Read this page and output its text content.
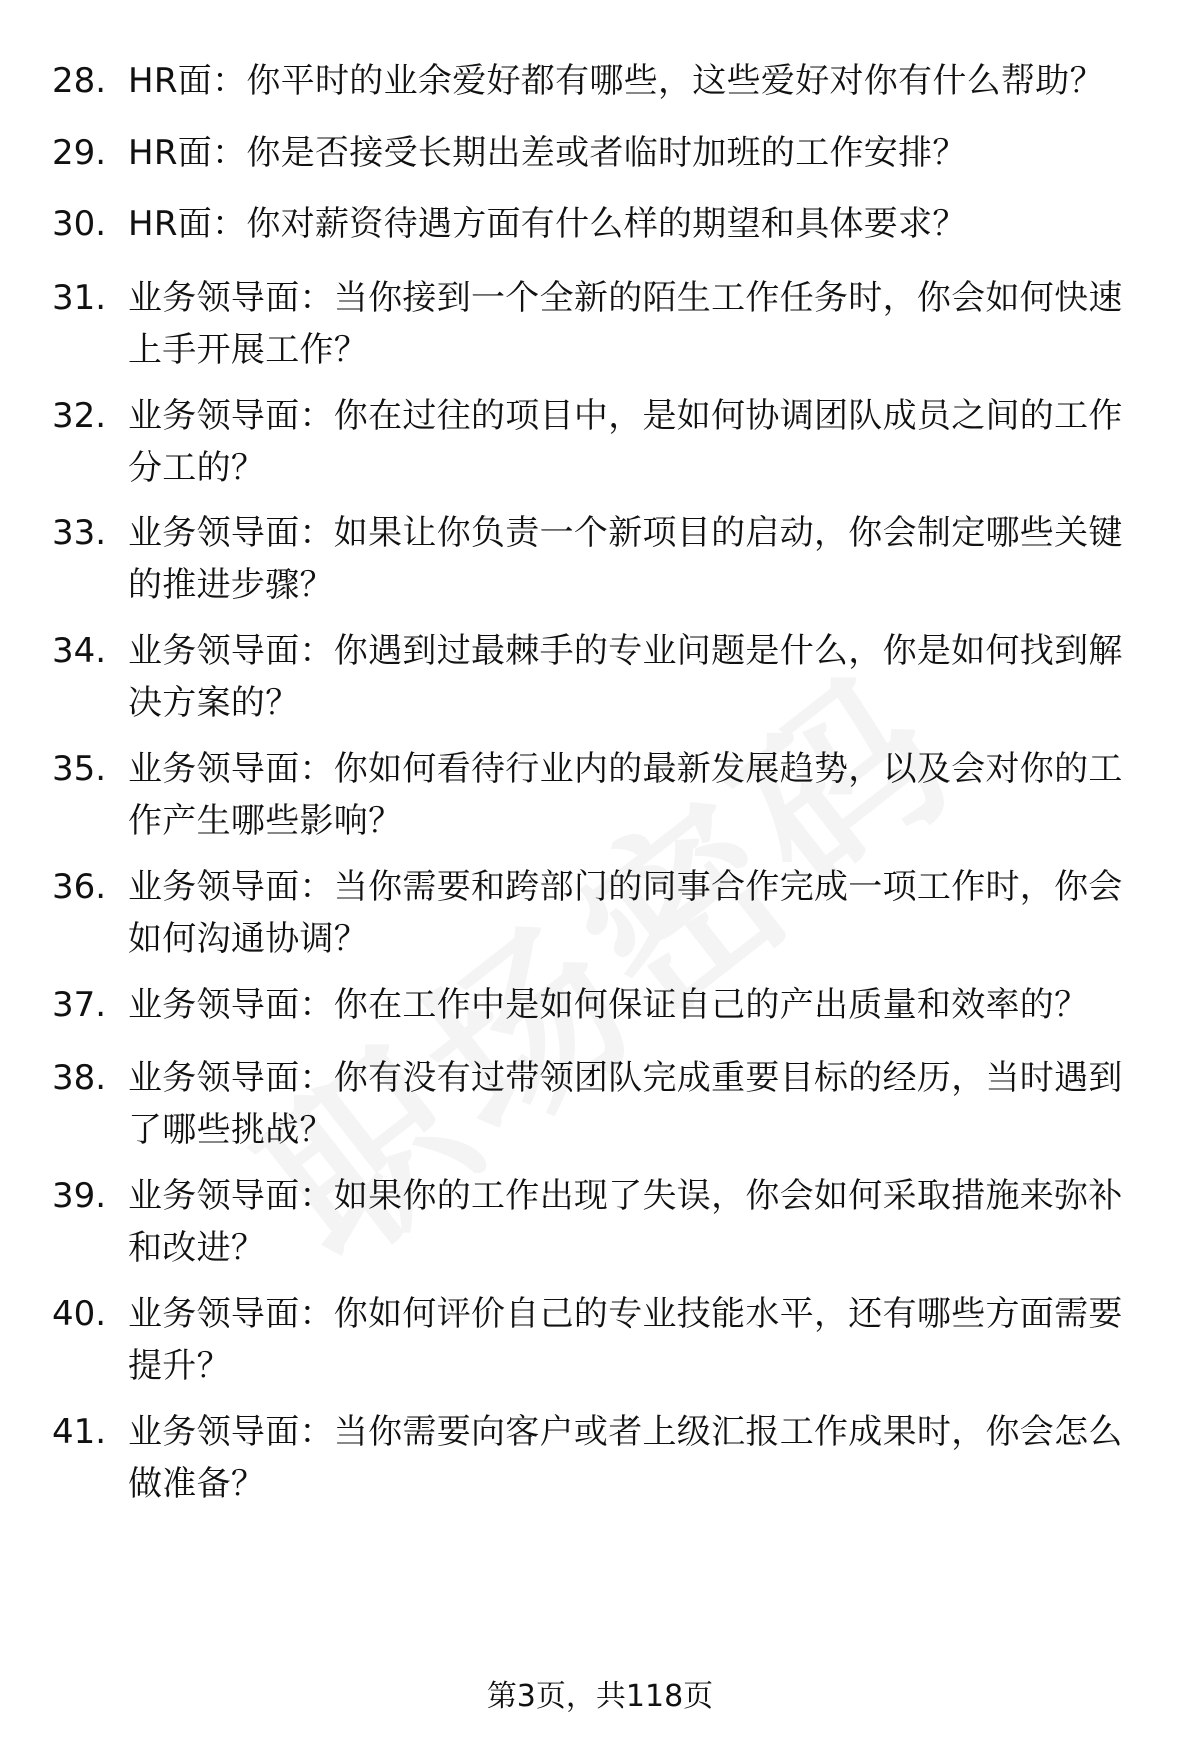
28. HR面：你平时的业余爱好都有哪些，这些爱好对你有什么帮助？
29. HR面：你是否接受长期出差或者临时加班的工作安排？
30. HR面：你对薪资待遇方面有什么样的期望和具体要求？
31. 业务领导面：当你接到一个全新的陌生工作任务时，你会如何快速上手开展工作？
32. 业务领导面：你在过往的项目中，是如何协调团队成员之间的工作分工的？
33. 业务领导面：如果让你负责一个新项目的启动，你会制定哪些关键的推进步骤？
34. 业务领导面：你遇到过最棘手的专业问题是什么，你是如何找到解决方案的？
35. 业务领导面：你如何看待行业内的最新发展趋势，以及会对你的工作产生哪些影响？
36. 业务领导面：当你需要和跨部门的同事合作完成一项工作时，你会如何沟通协调？
37. 业务领导面：你在工作中是如何保证自己的产出质量和效率的？
38. 业务领导面：你有没有过带领团队完成重要目标的经历，当时遇到了哪些挑战？
39. 业务领导面：如果你的工作出现了失误，你会如何采取措施来弥补和改进？
40. 业务领导面：你如何评价自己的专业技能水平，还有哪些方面需要提升？
41. 业务领导面：当你需要向客户或者上级汇报工作成果时，你会怎么做准备？
第3页，共118页
